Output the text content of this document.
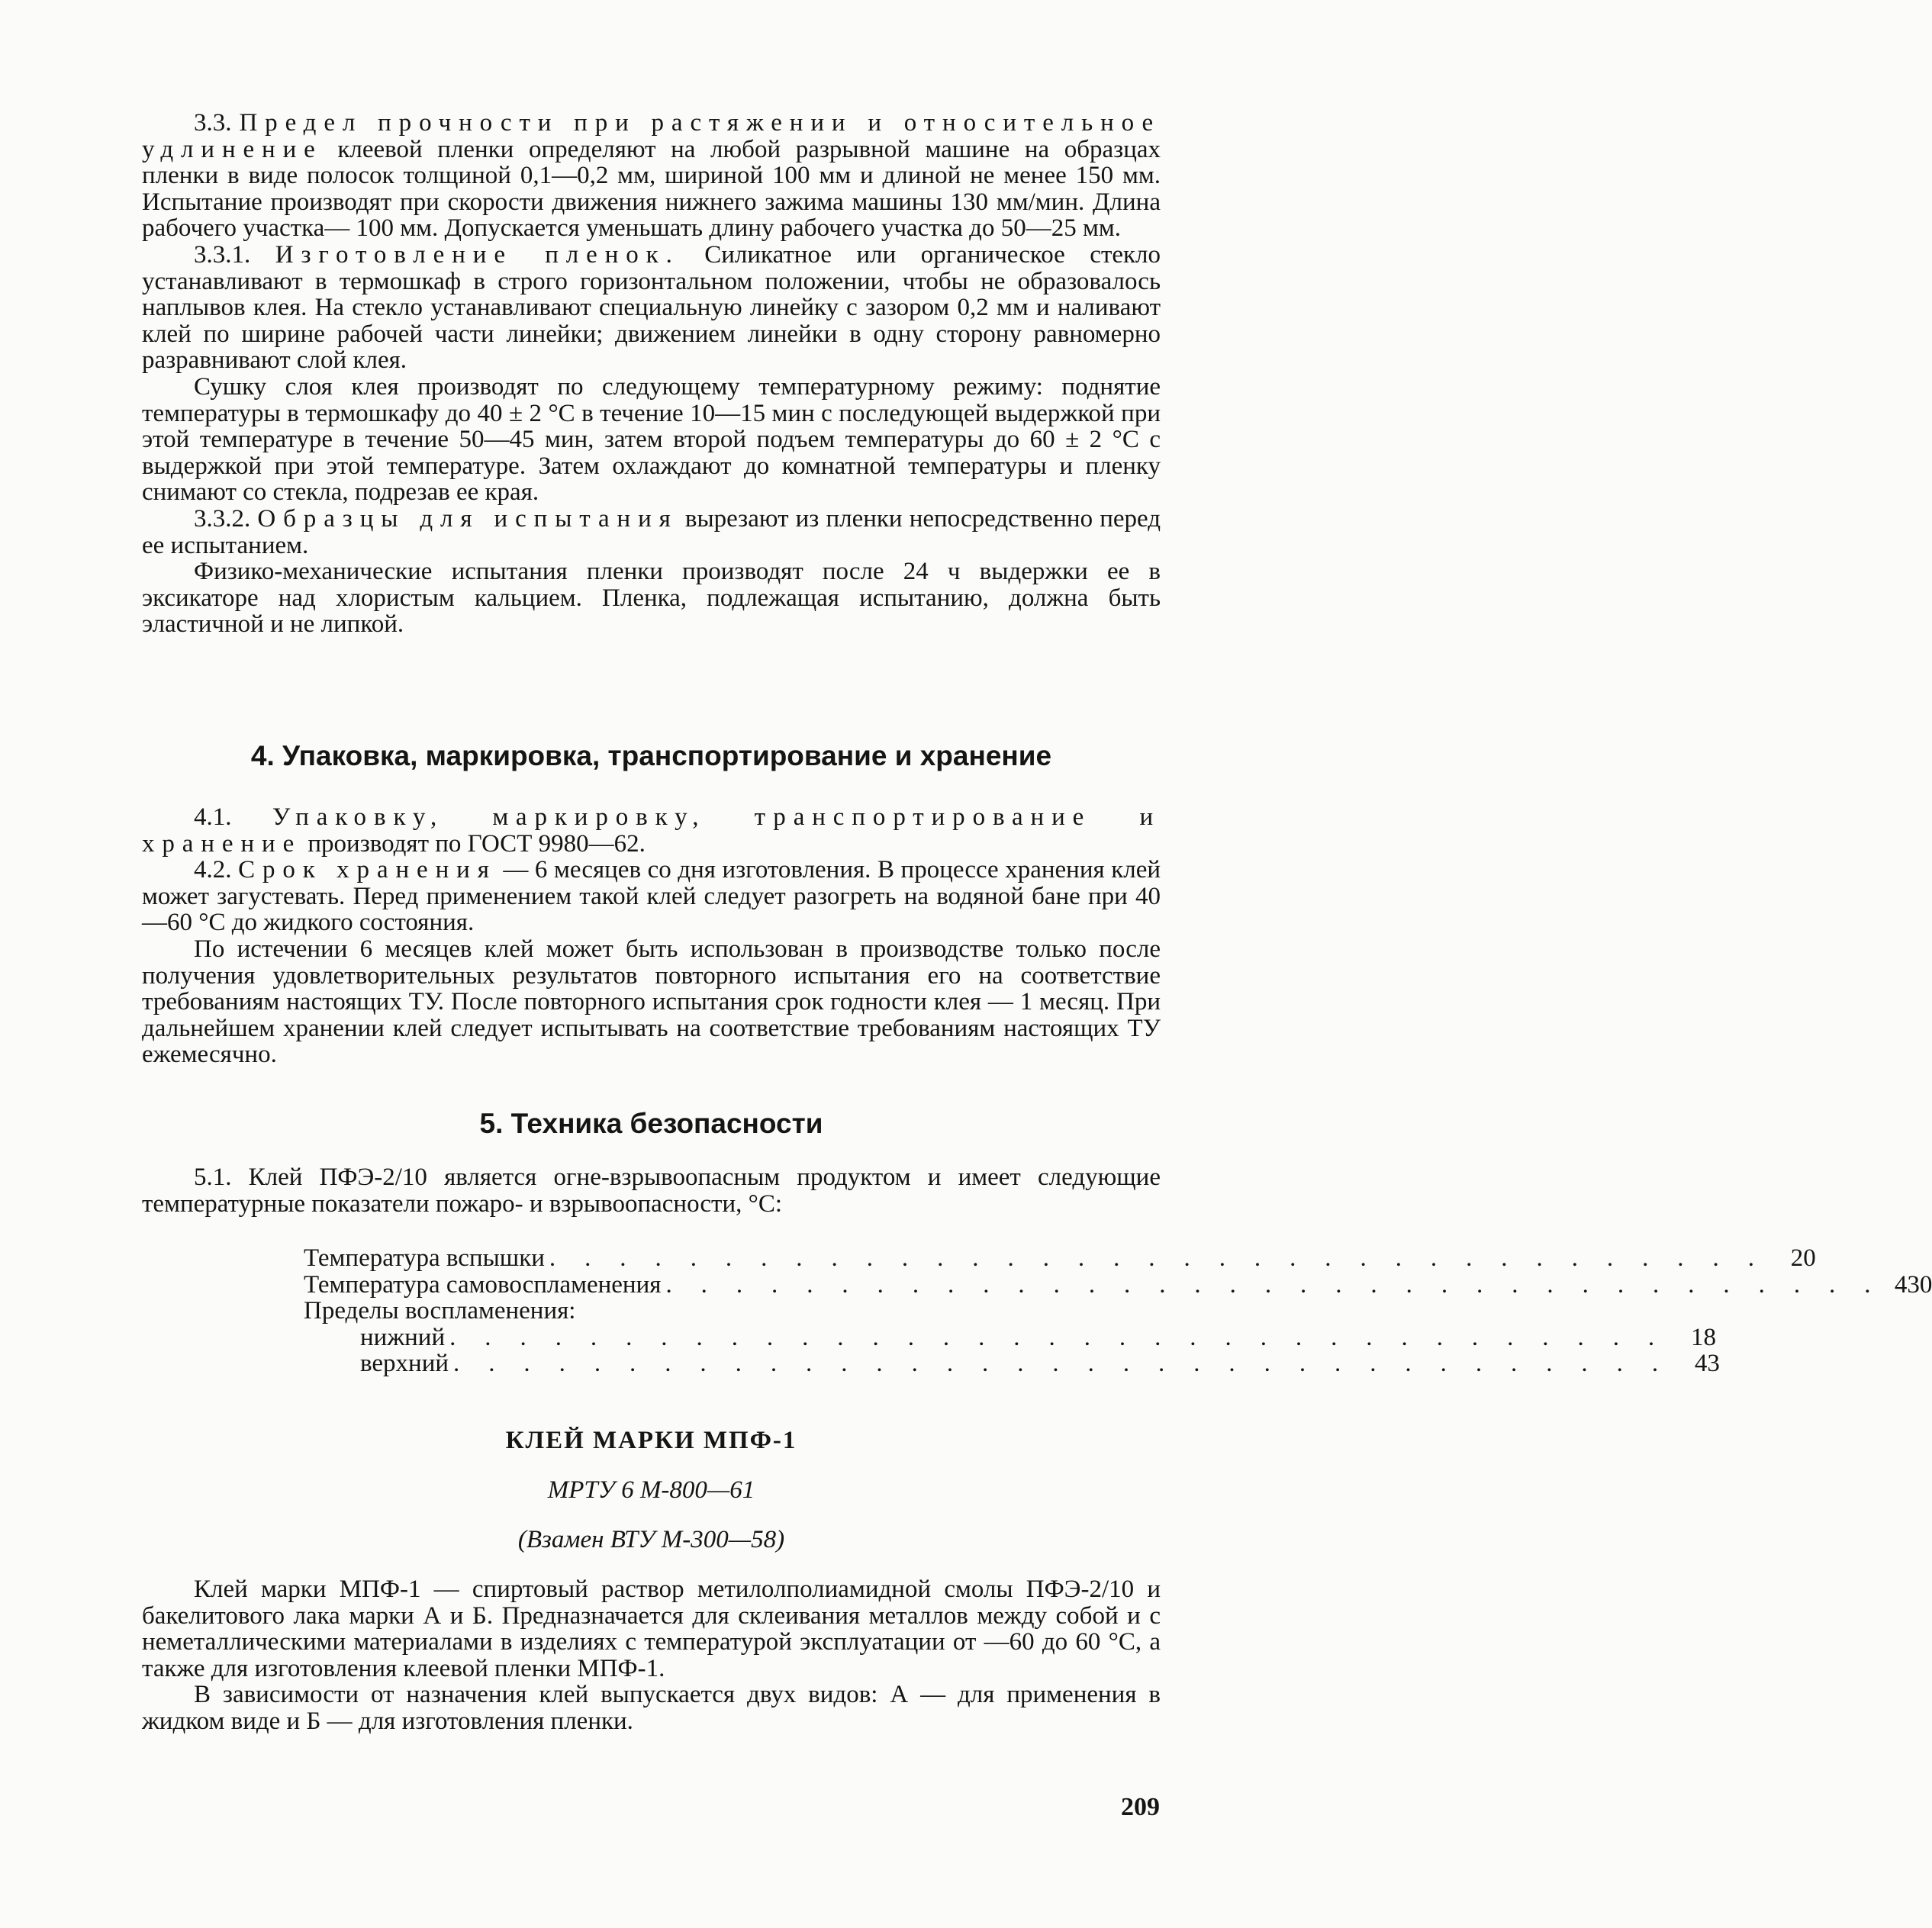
3.3. Предел прочности при растяжении и относительное удлинение клеевой пленки определяют на любой разрывной машине на образцах пленки в виде полосок толщиной 0,1—0,2 мм, шириной 100 мм и длиной не менее 150 мм. Испытание производят при скорости движения нижнего зажима машины 130 мм/мин. Длина рабочего участка— 100 мм. Допускается уменьшать длину рабочего участка до 50—25 мм.

3.3.1. Изготовление пленок. Силикатное или органическое стекло устанавливают в термошкаф в строго горизонтальном положении, чтобы не образовалось наплывов клея. На стекло устанавливают специальную линейку с зазором 0,2 мм и наливают клей по ширине рабочей части линейки; движением линейки в одну сторону равномерно разравнивают слой клея.

Сушку слоя клея производят по следующему температурному режиму: поднятие температуры в термошкафу до 40 ± 2 °С в течение 10—15 мин с последующей выдержкой при этой температуре в течение 50—45 мин, затем второй подъем температуры до 60 ± 2 °С с выдержкой при этой температуре. Затем охлаждают до комнатной температуры и пленку снимают со стекла, подрезав ее края.

3.3.2. Образцы для испытания вырезают из пленки непосредственно перед ее испытанием.

Физико-механические испытания пленки производят после 24 ч выдержки ее в эксикаторе над хлористым кальцием. Пленка, подлежащая испытанию, должна быть эластичной и не липкой.

4. Упаковка, маркировка, транспортирование и хранение

4.1. Упаковку, маркировку, транспортирование и хранение производят по ГОСТ 9980—62.

4.2. Срок хранения — 6 месяцев со дня изготовления. В процессе хранения клей может загустевать. Перед применением такой клей следует разогреть на водяной бане при 40—60 °С до жидкого состояния.

По истечении 6 месяцев клей может быть использован в производстве только после получения удовлетворительных результатов повторного испытания его на соответствие требованиям настоящих ТУ. После повторного испытания срок годности клея — 1 месяц. При дальнейшем хранении клей следует испытывать на соответствие требованиям настоящих ТУ ежемесячно.

5. Техника безопасности

5.1. Клей ПФЭ-2/10 является огне-взрывоопасным продуктом и имеет следующие температурные показатели пожаро- и взрывоопасности, °С:

Температура вспышки . . . . . . . . . . . . . . . . . . . . . . . . . . . . . . . . . . .	20
Температура самовоспламенения . . . . . . . . . . . . . . . . . . . . . . . . . . . . . . . . . . . 430
Пределы воспламенения:
нижний . . . . . . . . . . . . . . . . . . . . . . . . . . . . . . . . . . .	18
верхний . . . . . . . . . . . . . . . . . . . . . . . . . . . . . . . . . . .	43
КЛЕЙ МАРКИ МПФ-1

МРТУ 6 М-800—61

(Взамен ВТУ М-300—58)

Клей марки МПФ-1 — спиртовый раствор метилолполиамидной смолы ПФЭ-2/10 и бакелитового лака марки А и Б. Предназначается для склеивания металлов между собой и с неметаллическими материалами в изделиях с температурой эксплуатации от —60 до 60 °С, а также для изготовления клеевой пленки МПФ-1.

В зависимости от назначения клей выпускается двух видов: А — для применения в жидком виде и Б — для изготовления пленки.

209
